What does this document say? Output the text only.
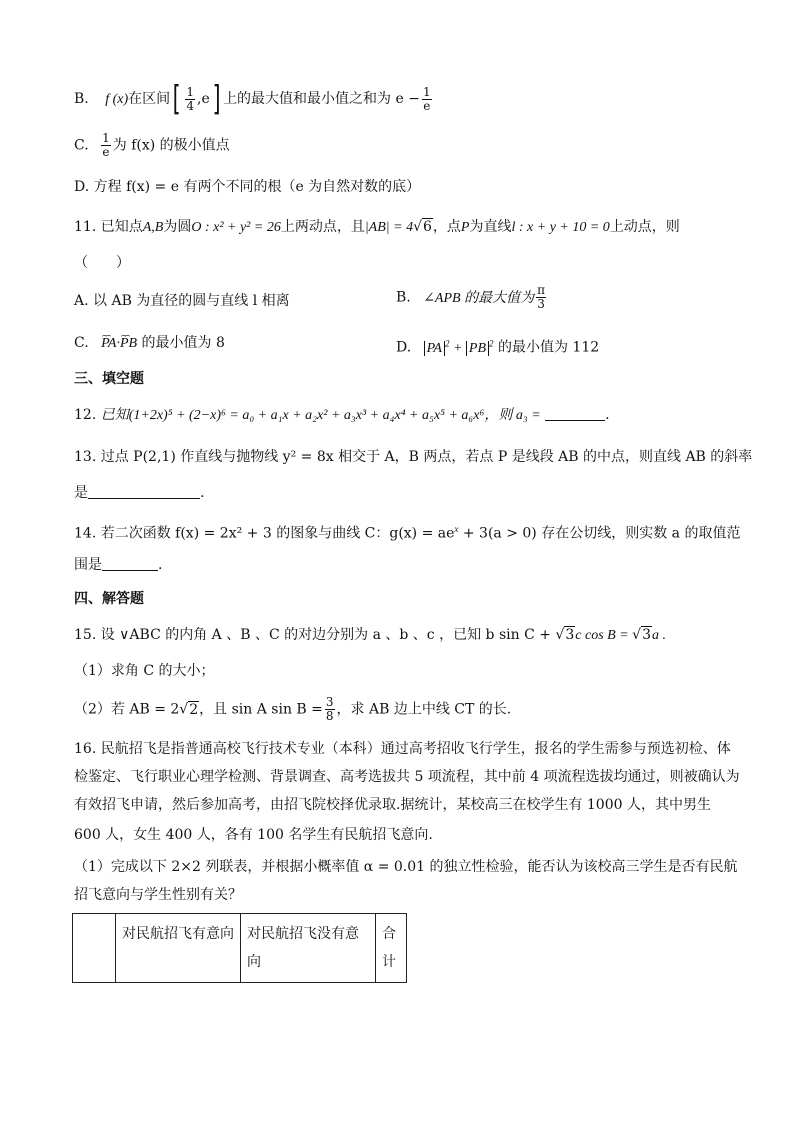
B. f (x)在区间[ $\frac{1}{4} ,e$] 上的最大值和最小值之和为 $e - \frac{1}{e}$
C. $\frac{1}{e}$ 为 f(x) 的极小值点
D. 方程 f(x) = e 有两个不同的根（e 为自然对数的底）
11. 已知点A,B为圆O : x² + y² = 26上两动点，且|AB| = 4√6，点P为直线l : x + y + 10 = 0上动点，则
（　　）
A. 以 AB 为直径的圆与直线 l 相离	B. ∠APB 的最大值为 $\frac{\pi}{3}$
C. ⌢⌢ PA·⌢⌢ PB 的最小值为 8	D. PA $^2$ + PB $^2$ 的最小值为 112
三、填空题
12. 已知(1+2x)⁵ + (2−x)⁶ = a₀ + a₁x + a₂x² + a₃x³ + a₄x⁴ + a₅x⁵ + a₆x⁶，则 a₃ =	.
13. 过点 P(2,1) 作直线与抛物线 y² = 8x 相交于 A，B 两点，若点 P 是线段 AB 的中点，则直线 AB 的斜率
是	.
14. 若二次函数 f(x) = 2x² + 3 的图象与曲线 C：$g(x) = ae^x + 3(a > 0)$ 存在公切线，则实数 a 的取值范
围是	.
四、解答题
15. 设 ∨ABC 的内角 A 、B 、C 的对边分别为 a 、b 、c ，已知 b sin C + √3c cos B = √3a .
（1）求角 C 的大小；
（2）若 AB = 2√2，且 sin A $\sin B = \frac{3}{8}$ ，求 AB 边上中线 CT 的长.
16. 民航招飞是指普通高校飞行技术专业（本科）通过高考招收飞行学生，报名的学生需参与预选初检、体
检鉴定、飞行职业心理学检测、背景调查、高考选拔共 5 项流程，其中前 4 项流程选拔均通过，则被确认为
有效招飞申请，然后参加高考，由招飞院校择优录取.据统计，某校高三在校学生有 1000 人，其中男生
600 人，女生 400 人，各有 100 名学生有民航招飞意向.
（1）完成以下 2×2 列联表，并根据小概率值 α = 0.01 的独立性检验，能否认为该校高三学生是否有民航
招飞意向与学生性别有关？
	对民航招飞有意向	对民航招飞没有意向	合计
